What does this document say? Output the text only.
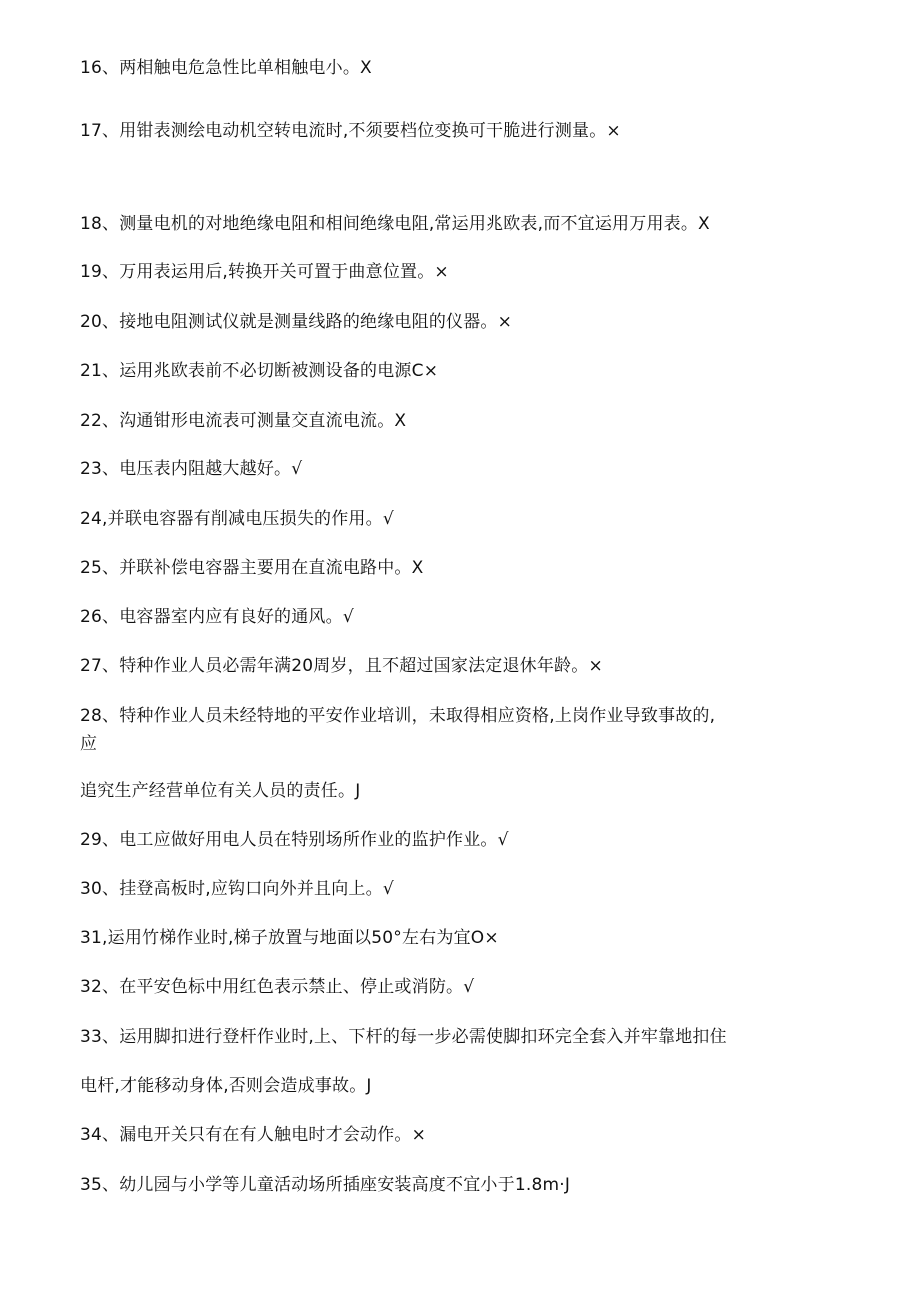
16、两相触电危急性比单相触电小。X
17、用钳表测绘电动机空转电流时,不须要档位变换可干脆进行测量。×
18、测量电机的对地绝缘电阻和相间绝缘电阻,常运用兆欧表,而不宜运用万用表。X
19、万用表运用后,转换开关可置于曲意位置。×
20、接地电阻测试仪就是测量线路的绝缘电阻的仪器。×
21、运用兆欧表前不必切断被测设备的电源C×
22、沟通钳形电流表可测量交直流电流。X
23、电压表内阻越大越好。√
24,并联电容器有削减电压损失的作用。√
25、并联补偿电容器主要用在直流电路中。X
26、电容器室内应有良好的通风。√
27、特种作业人员必需年满20周岁，且不超过国家法定退休年龄。×
28、特种作业人员未经特地的平安作业培训，未取得相应资格,上岗作业导致事故的,
应
追究生产经营单位有关人员的责任。J
29、电工应做好用电人员在特别场所作业的监护作业。√
30、挂登高板时,应钩口向外并且向上。√
31,运用竹梯作业时,梯子放置与地面以50°左右为宜O×
32、在平安色标中用红色表示禁止、停止或消防。√
33、运用脚扣进行登杆作业时,上、下杆的每一步必需使脚扣环完全套入并牢靠地扣住
电杆,才能移动身体,否则会造成事故。J
34、漏电开关只有在有人触电时才会动作。×
35、幼儿园与小学等儿童活动场所插座安装高度不宜小于1.8m·J
